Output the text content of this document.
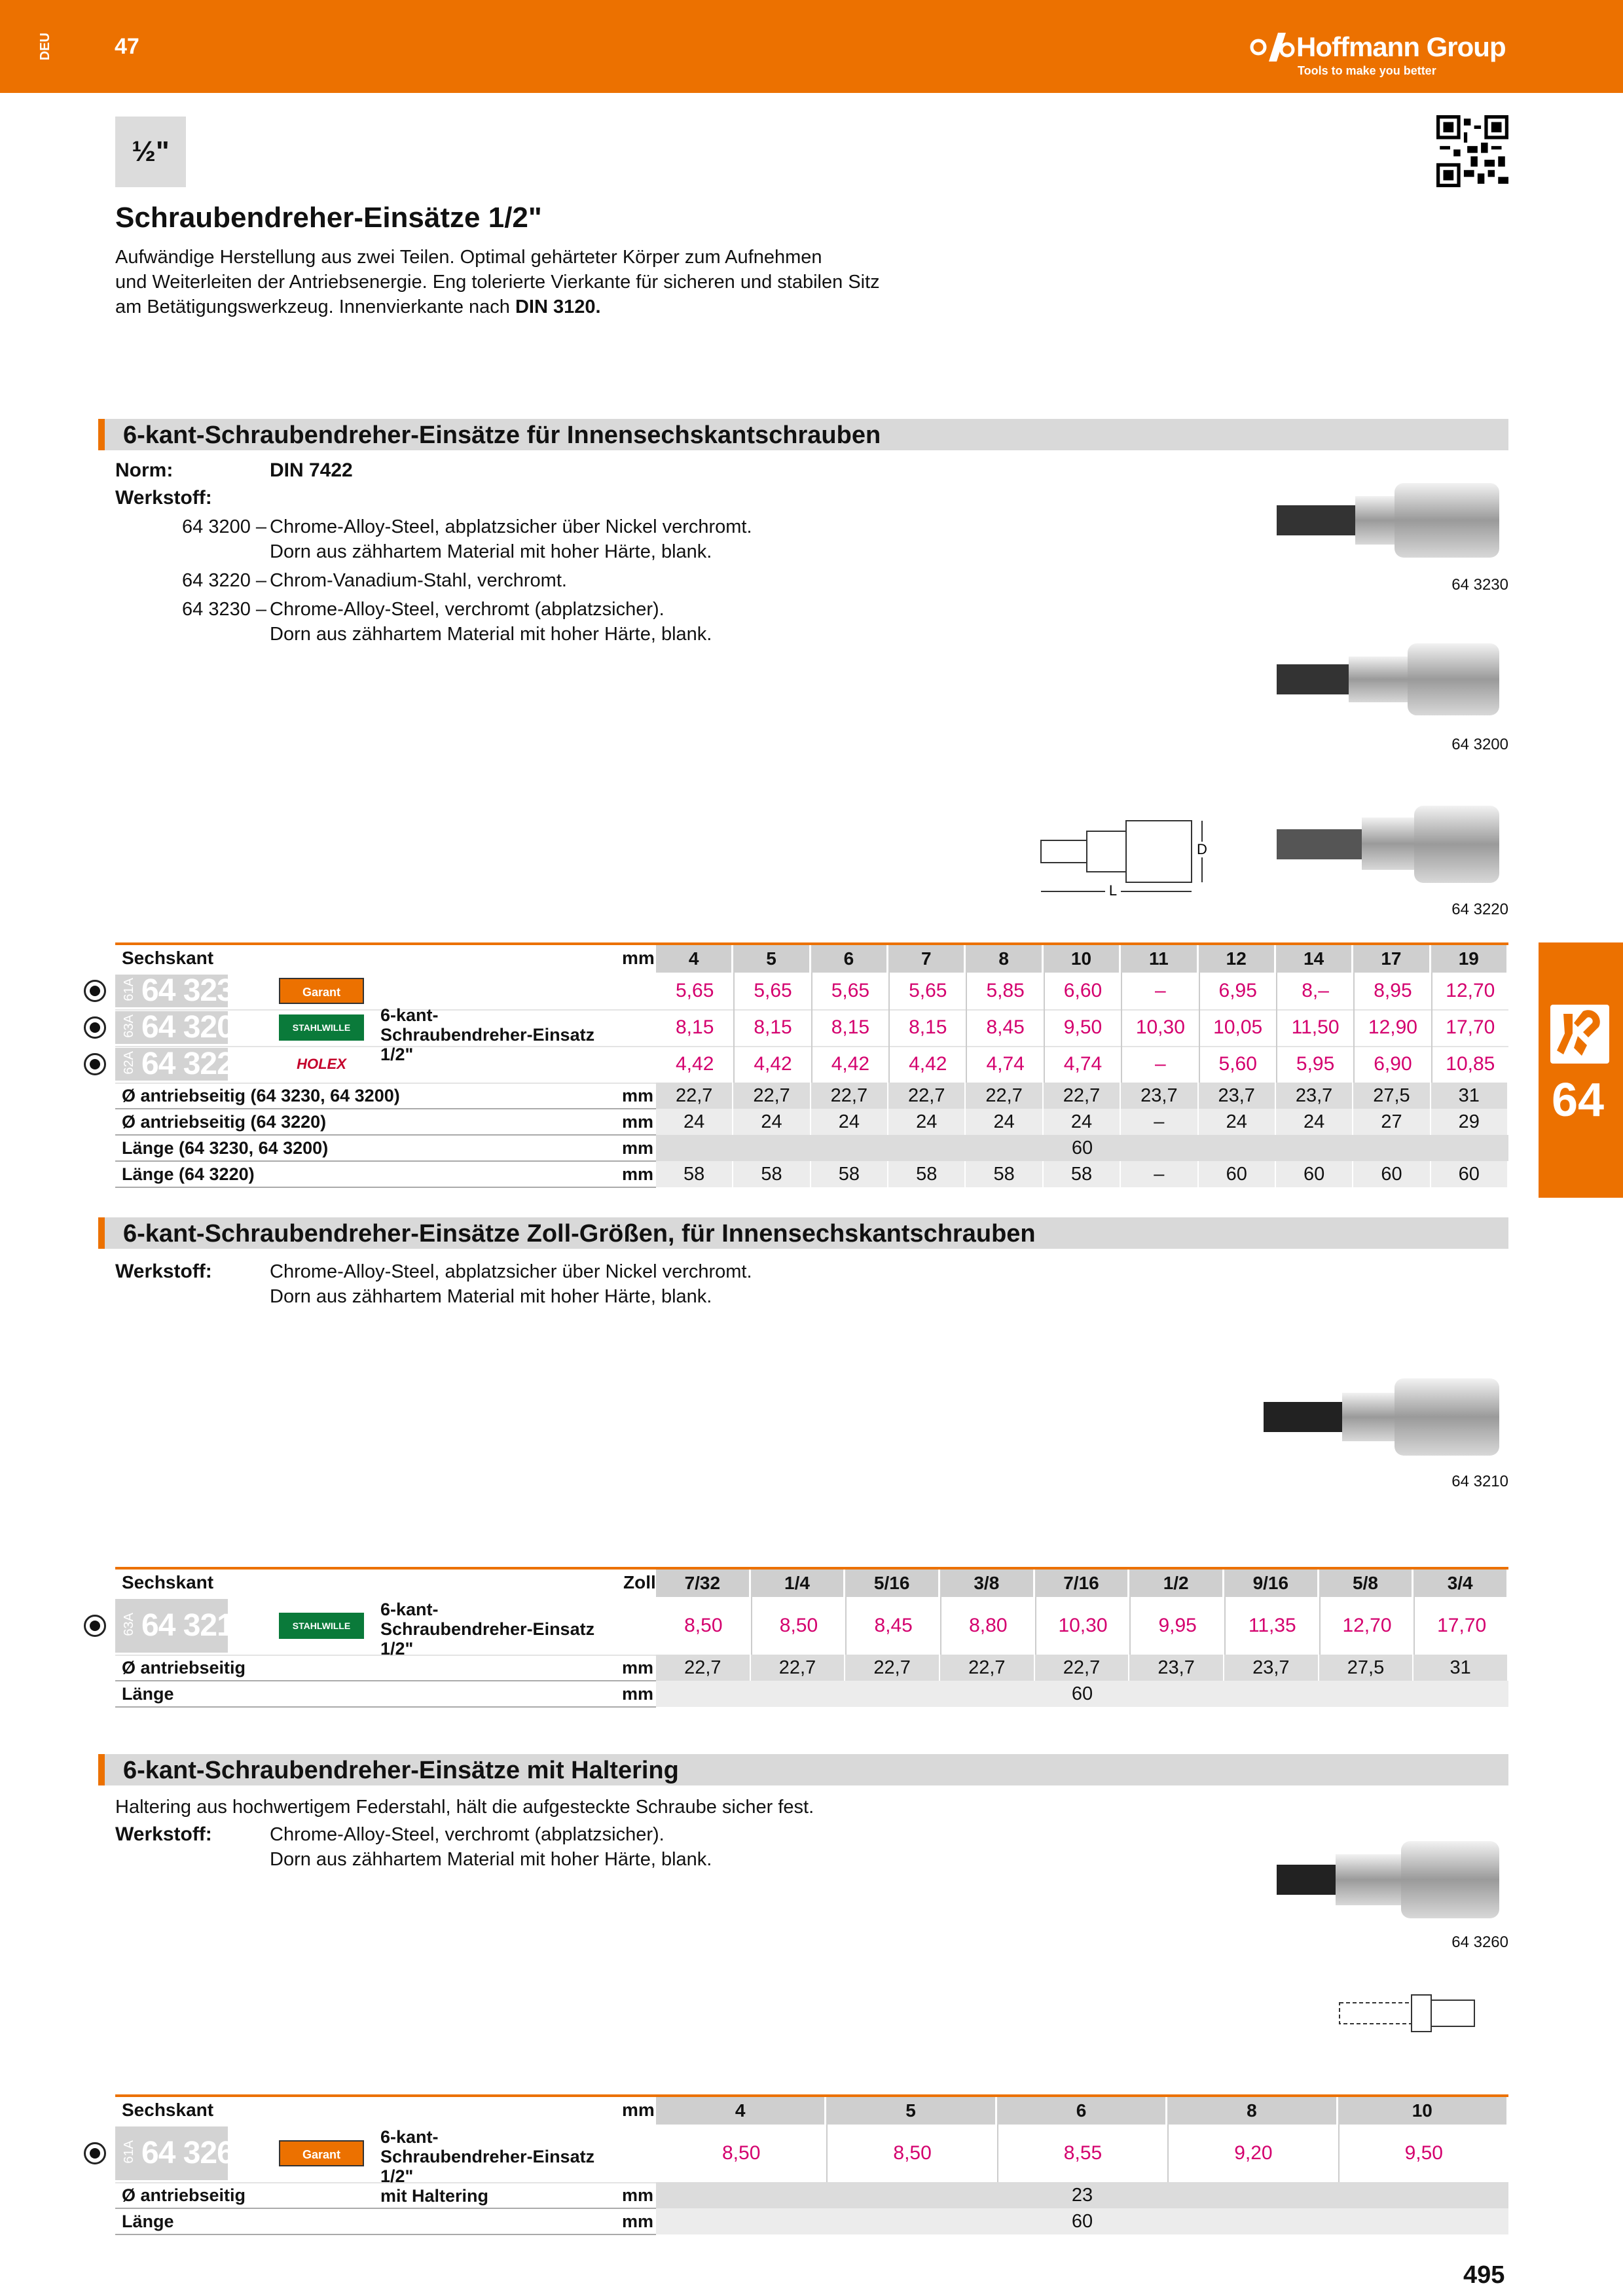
DEU	47	Hoffmann Group
Tools to make you better
½"
Schraubendreher-Einsätze 1/2"
Aufwändige Herstellung aus zwei Teilen. Optimal gehärteter Körper zum Aufnehmen
und Weiterleiten der Antriebsenergie. Eng tolerierte Vierkante für sicheren und stabilen Sitz
am Betätigungswerkzeug. Innenvierkante nach DIN 3120.
6-kant-Schraubendreher-Einsätze für Innensechskantschrauben
Norm:	DIN 7422
Werkstoff:
64 3200 – Chrome-Alloy-Steel, abplatzsicher über Nickel verchromt.
Dorn aus zähhartem Material mit hoher Härte, blank.
64 3220 – Chrom-Vanadium-Stahl, verchromt.
64 3230 – Chrome-Alloy-Steel, verchromt (abplatzsicher).
Dorn aus zähhartem Material mit hoher Härte, blank.
64 3230
64 3200
D
L
64 3220
Sechskant	mm	4	5	6	7	8	10	11	12	14	17	19
61A 64 3230	Garant	5,65	5,65	5,65	5,65	5,85	6,60	–	6,95	8,–	8,95	12,70
63A 64 3200	STAHLWILLE	8,15	8,15	8,15	8,15	8,45	9,50	10,30	10,05	11,50	12,90	17,70
62A 64 3220	HOLEX	4,42	4,42	4,42	4,42	4,74	4,74	–	5,60	5,95	6,90	10,85
6-kant-
Schraubendreher-Einsatz 1/2"
Ø antriebseitig (64 3230, 64 3200)	mm	22,7	22,7	22,7	22,7	22,7	22,7	23,7	23,7	23,7	27,5	31
Ø antriebseitig (64 3220)	mm	24	24	24	24	24	24	–	24	24	27	29
Länge (64 3230, 64 3200)	mm	60
Länge (64 3220)	mm	58	58	58	58	58	58	–	60	60	60	60
64
6-kant-Schraubendreher-Einsätze Zoll-Größen, für Innensechskantschrauben
Werkstoff:	Chrome-Alloy-Steel, abplatzsicher über Nickel verchromt.
Dorn aus zähhartem Material mit hoher Härte, blank.
64 3210
Sechskant	Zoll	7/32	1/4	5/16	3/8	7/16	1/2	9/16	5/8	3/4
63A 64 3210	STAHLWILLE	8,50	8,50	8,45	8,80	10,30	9,95	11,35	12,70	17,70
6-kant-
Schraubendreher-Einsatz
1/2"
Ø antriebseitig	mm	22,7	22,7	22,7	22,7	22,7	23,7	23,7	27,5	31
Länge	mm	60
6-kant-Schraubendreher-Einsätze mit Haltering
Haltering aus hochwertigem Federstahl, hält die aufgesteckte Schraube sicher fest.
Werkstoff:	Chrome-Alloy-Steel, verchromt (abplatzsicher).
Dorn aus zähhartem Material mit hoher Härte, blank.
64 3260
Sechskant	mm	4	5	6	8	10
61A 64 3260	Garant	8,50	8,50	8,55	9,20	9,50
6-kant-
Schraubendreher-Einsatz 1/2"
mit Haltering
Ø antriebseitig	mm	23
Länge	mm	60
495
